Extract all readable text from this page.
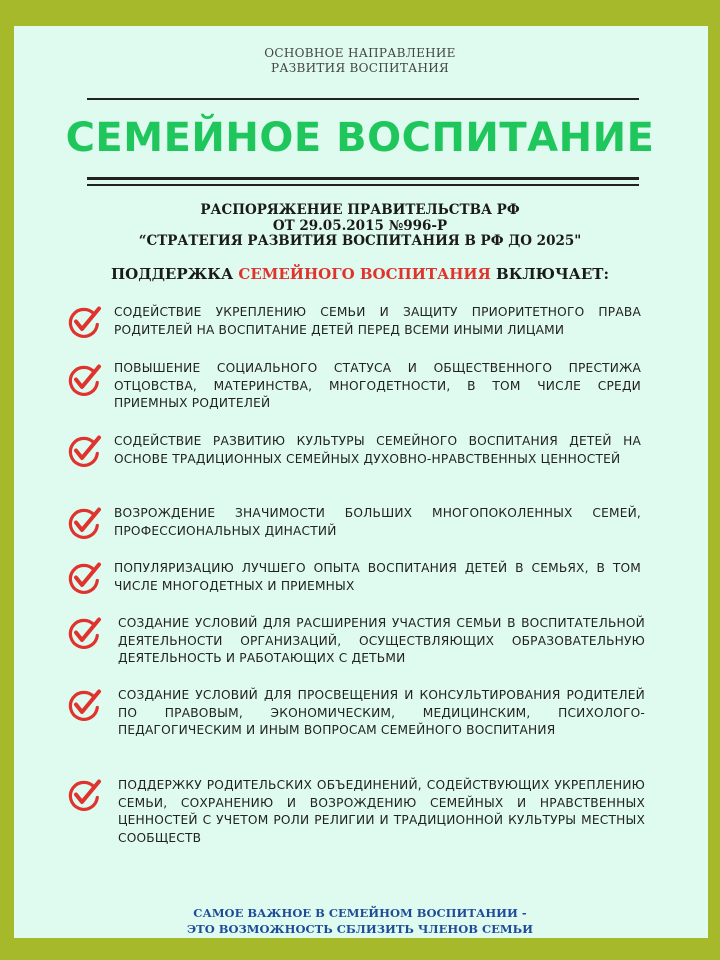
ОСНОВНОЕ НАПРАВЛЕНИЕ
РАЗВИТИЯ ВОСПИТАНИЯ
СЕМЕЙНОЕ ВОСПИТАНИЕ
РАСПОРЯЖЕНИЕ ПРАВИТЕЛЬСТВА РФ
ОТ 29.05.2015 №996-Р
“СТРАТЕГИЯ РАЗВИТИЯ ВОСПИТАНИЯ В РФ ДО 2025"
ПОДДЕРЖКА СЕМЕЙНОГО ВОСПИТАНИЯ ВКЛЮЧАЕТ:
СОДЕЙСТВИЕ УКРЕПЛЕНИЮ СЕМЬИ И ЗАЩИТУ ПРИОРИТЕТНОГО ПРАВА РОДИТЕЛЕЙ НА ВОСПИТАНИЕ ДЕТЕЙ ПЕРЕД ВСЕМИ ИНЫМИ ЛИЦАМИ
ПОВЫШЕНИЕ СОЦИАЛЬНОГО СТАТУСА И ОБЩЕСТВЕННОГО ПРЕСТИЖА ОТЦОВСТВА, МАТЕРИНСТВА, МНОГОДЕТНОСТИ, В ТОМ ЧИСЛЕ СРЕДИ ПРИЕМНЫХ РОДИТЕЛЕЙ
СОДЕЙСТВИЕ РАЗВИТИЮ КУЛЬТУРЫ СЕМЕЙНОГО ВОСПИТАНИЯ ДЕТЕЙ НА ОСНОВЕ ТРАДИЦИОННЫХ СЕМЕЙНЫХ ДУХОВНО-НРАВСТВЕННЫХ ЦЕННОСТЕЙ
ВОЗРОЖДЕНИЕ ЗНАЧИМОСТИ БОЛЬШИХ МНОГОПОКОЛЕННЫХ СЕМЕЙ, ПРОФЕССИОНАЛЬНЫХ ДИНАСТИЙ
ПОПУЛЯРИЗАЦИЮ ЛУЧШЕГО ОПЫТА ВОСПИТАНИЯ ДЕТЕЙ В СЕМЬЯХ, В ТОМ ЧИСЛЕ МНОГОДЕТНЫХ И ПРИЕМНЫХ
СОЗДАНИЕ УСЛОВИЙ ДЛЯ РАСШИРЕНИЯ УЧАСТИЯ СЕМЬИ В ВОСПИТАТЕЛЬНОЙ ДЕЯТЕЛЬНОСТИ ОРГАНИЗАЦИЙ, ОСУЩЕСТВЛЯЮЩИХ ОБРАЗОВАТЕЛЬНУЮ ДЕЯТЕЛЬНОСТЬ И РАБОТАЮЩИХ С ДЕТЬМИ
СОЗДАНИЕ УСЛОВИЙ ДЛЯ ПРОСВЕЩЕНИЯ И КОНСУЛЬТИРОВАНИЯ РОДИТЕЛЕЙ ПО ПРАВОВЫМ, ЭКОНОМИЧЕСКИМ, МЕДИЦИНСКИМ, ПСИХОЛОГО-ПЕДАГОГИЧЕСКИМ И ИНЫМ ВОПРОСАМ СЕМЕЙНОГО ВОСПИТАНИЯ
ПОДДЕРЖКУ РОДИТЕЛЬСКИХ ОБЪЕДИНЕНИЙ, СОДЕЙСТВУЮЩИХ УКРЕПЛЕНИЮ СЕМЬИ, СОХРАНЕНИЮ И ВОЗРОЖДЕНИЮ СЕМЕЙНЫХ И НРАВСТВЕННЫХ ЦЕННОСТЕЙ С УЧЕТОМ РОЛИ РЕЛИГИИ И ТРАДИЦИОННОЙ КУЛЬТУРЫ МЕСТНЫХ СООБЩЕСТВ
САМОЕ ВАЖНОЕ В СЕМЕЙНОМ ВОСПИТАНИИ -
ЭТО ВОЗМОЖНОСТЬ СБЛИЗИТЬ ЧЛЕНОВ СЕМЬИ
